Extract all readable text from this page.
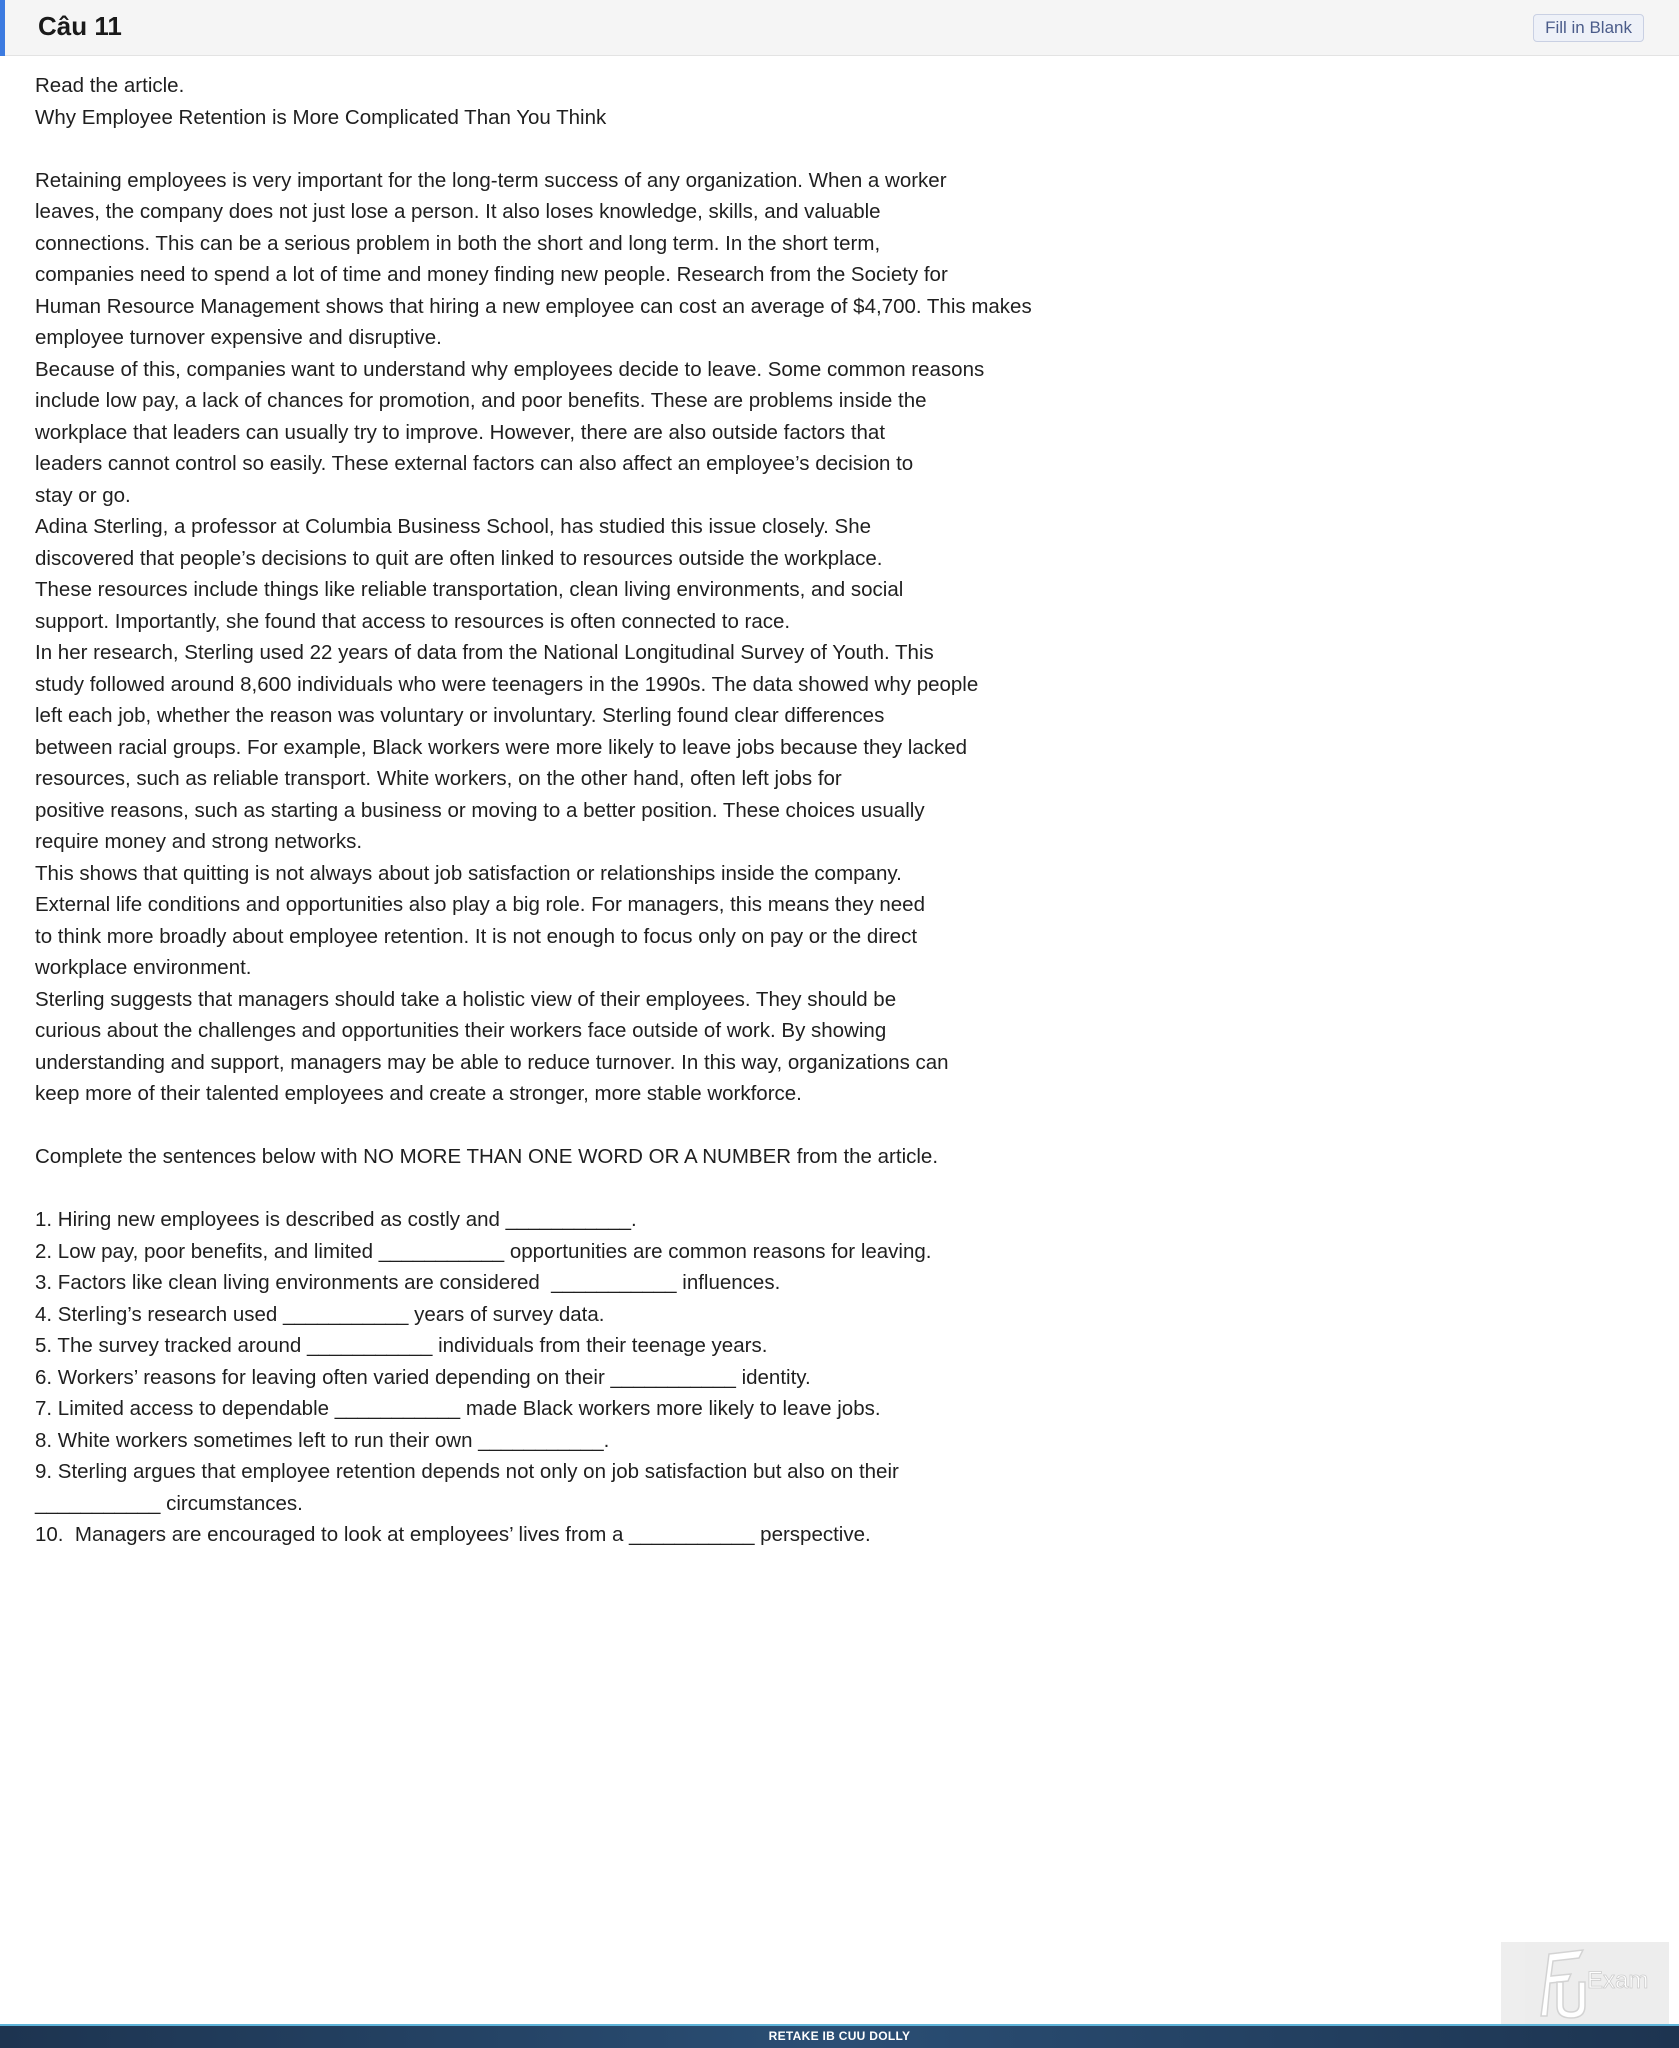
Câu 11	Fill in Blank
Read the article.
Why Employee Retention is More Complicated Than You Think
Retaining employees is very important for the long-term success of any organization. When a worker
leaves, the company does not just lose a person. It also loses knowledge, skills, and valuable
connections. This can be a serious problem in both the short and long term. In the short term,
companies need to spend a lot of time and money finding new people. Research from the Society for
Human Resource Management shows that hiring a new employee can cost an average of $4,700. This makes
employee turnover expensive and disruptive.
Because of this, companies want to understand why employees decide to leave. Some common reasons
include low pay, a lack of chances for promotion, and poor benefits. These are problems inside the
workplace that leaders can usually try to improve. However, there are also outside factors that
leaders cannot control so easily. These external factors can also affect an employee’s decision to
stay or go.
Adina Sterling, a professor at Columbia Business School, has studied this issue closely. She
discovered that people’s decisions to quit are often linked to resources outside the workplace.
These resources include things like reliable transportation, clean living environments, and social
support. Importantly, she found that access to resources is often connected to race.
In her research, Sterling used 22 years of data from the National Longitudinal Survey of Youth. This
study followed around 8,600 individuals who were teenagers in the 1990s. The data showed why people
left each job, whether the reason was voluntary or involuntary. Sterling found clear differences
between racial groups. For example, Black workers were more likely to leave jobs because they lacked
resources, such as reliable transport. White workers, on the other hand, often left jobs for
positive reasons, such as starting a business or moving to a better position. These choices usually
require money and strong networks.
This shows that quitting is not always about job satisfaction or relationships inside the company.
External life conditions and opportunities also play a big role. For managers, this means they need
to think more broadly about employee retention. It is not enough to focus only on pay or the direct
workplace environment.
Sterling suggests that managers should take a holistic view of their employees. They should be
curious about the challenges and opportunities their workers face outside of work. By showing
understanding and support, managers may be able to reduce turnover. In this way, organizations can
keep more of their talented employees and create a stronger, more stable workforce.
Complete the sentences below with NO MORE THAN ONE WORD OR A NUMBER from the article.
1. Hiring new employees is described as costly and ___________.
2. Low pay, poor benefits, and limited ___________ opportunities are common reasons for leaving.
3. Factors like clean living environments are considered  ___________ influences.
4. Sterling’s research used ___________ years of survey data.
5. The survey tracked around ___________ individuals from their teenage years.
6. Workers’ reasons for leaving often varied depending on their ___________ identity.
7. Limited access to dependable ___________ made Black workers more likely to leave jobs.
8. White workers sometimes left to run their own ___________.
9. Sterling argues that employee retention depends not only on job satisfaction but also on their
___________ circumstances.
10.  Managers are encouraged to look at employees’ lives from a ___________ perspective.
Exam
RETAKE IB CUU DOLLY
